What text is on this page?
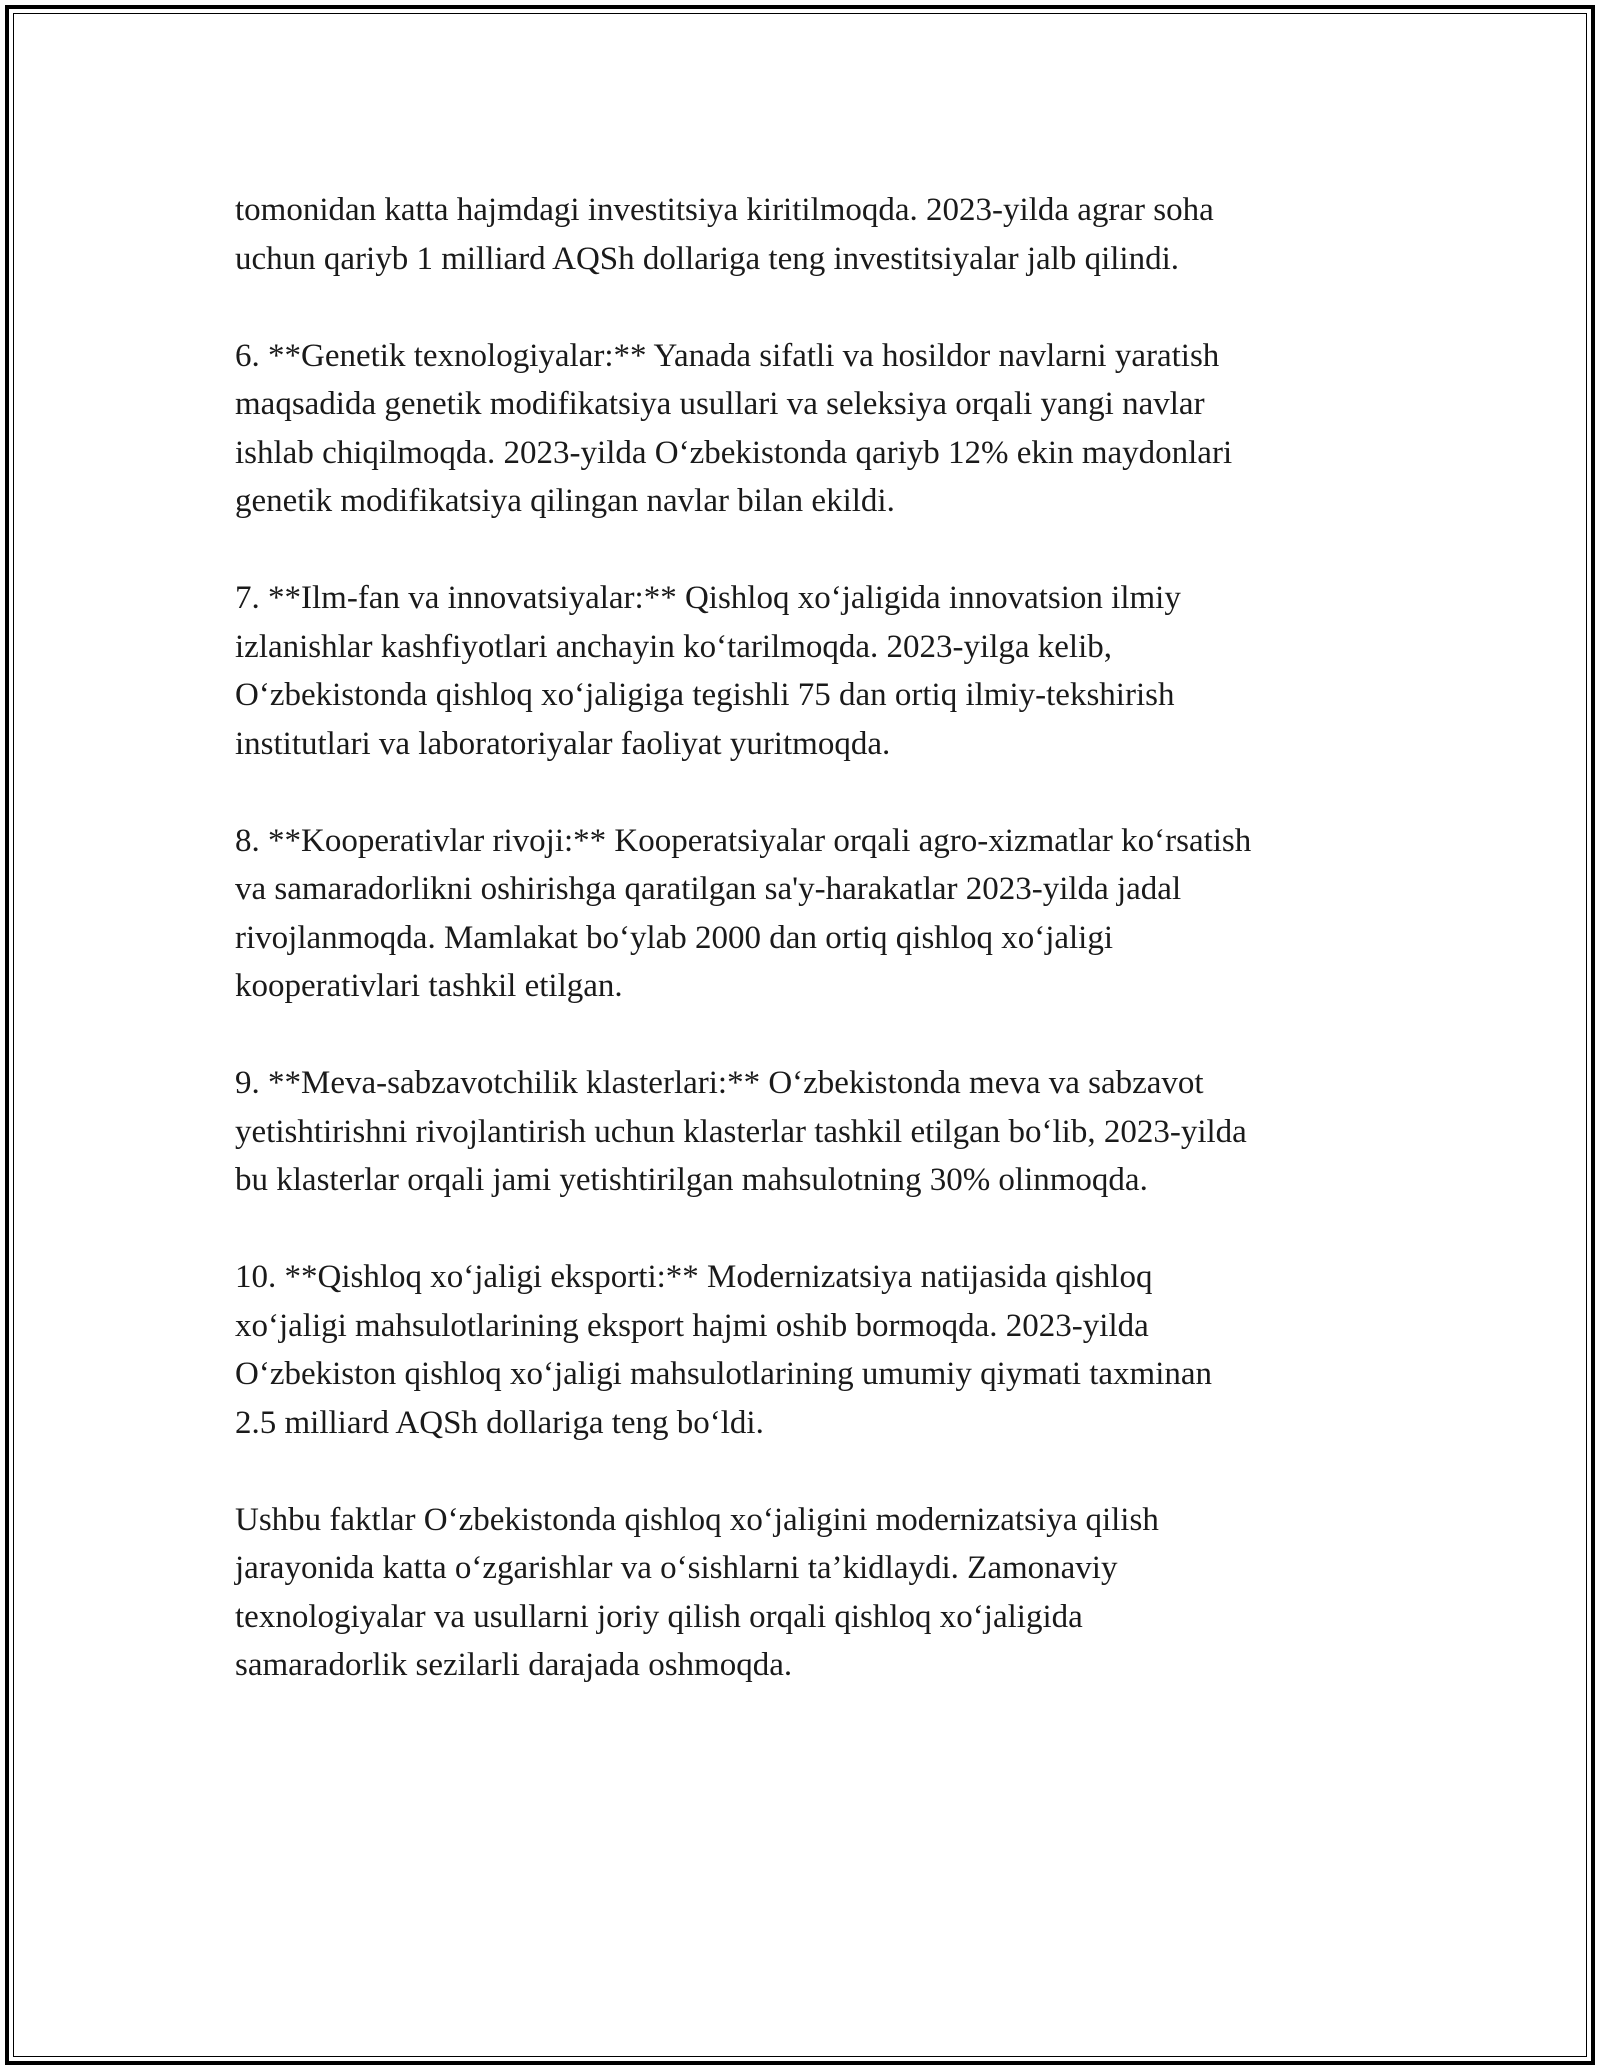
tomonidan katta hajmdagi investitsiya kiritilmoqda. 2023-yilda agrar soha
uchun qariyb 1 milliard AQSh dollariga teng investitsiyalar jalb qilindi.

6. **Genetik texnologiyalar:** Yanada sifatli va hosildor navlarni yaratish
maqsadida genetik modifikatsiya usullari va seleksiya orqali yangi navlar
ishlab chiqilmoqda. 2023-yilda O‘zbekistonda qariyb 12% ekin maydonlari
genetik modifikatsiya qilingan navlar bilan ekildi.

7. **Ilm-fan va innovatsiyalar:** Qishloq xo‘jaligida innovatsion ilmiy
izlanishlar kashfiyotlari anchayin ko‘tarilmoqda. 2023-yilga kelib,
O‘zbekistonda qishloq xo‘jaligiga tegishli 75 dan ortiq ilmiy-tekshirish
institutlari va laboratoriyalar faoliyat yuritmoqda.

8. **Kooperativlar rivoji:** Kooperatsiyalar orqali agro-xizmatlar ko‘rsatish
va samaradorlikni oshirishga qaratilgan sa'y-harakatlar 2023-yilda jadal
rivojlanmoqda. Mamlakat bo‘ylab 2000 dan ortiq qishloq xo‘jaligi
kooperativlari tashkil etilgan.

9. **Meva-sabzavotchilik klasterlari:** O‘zbekistonda meva va sabzavot
yetishtirishni rivojlantirish uchun klasterlar tashkil etilgan bo‘lib, 2023-yilda
bu klasterlar orqali jami yetishtirilgan mahsulotning 30% olinmoqda.

10. **Qishloq xo‘jaligi eksporti:** Modernizatsiya natijasida qishloq
xo‘jaligi mahsulotlarining eksport hajmi oshib bormoqda. 2023-yilda
O‘zbekiston qishloq xo‘jaligi mahsulotlarining umumiy qiymati taxminan
2.5 milliard AQSh dollariga teng bo‘ldi.

Ushbu faktlar O‘zbekistonda qishloq xo‘jaligini modernizatsiya qilish
jarayonida katta o‘zgarishlar va o‘sishlarni ta’kidlaydi. Zamonaviy
texnologiyalar va usullarni joriy qilish orqali qishloq xo‘jaligida
samaradorlik sezilarli darajada oshmoqda.
